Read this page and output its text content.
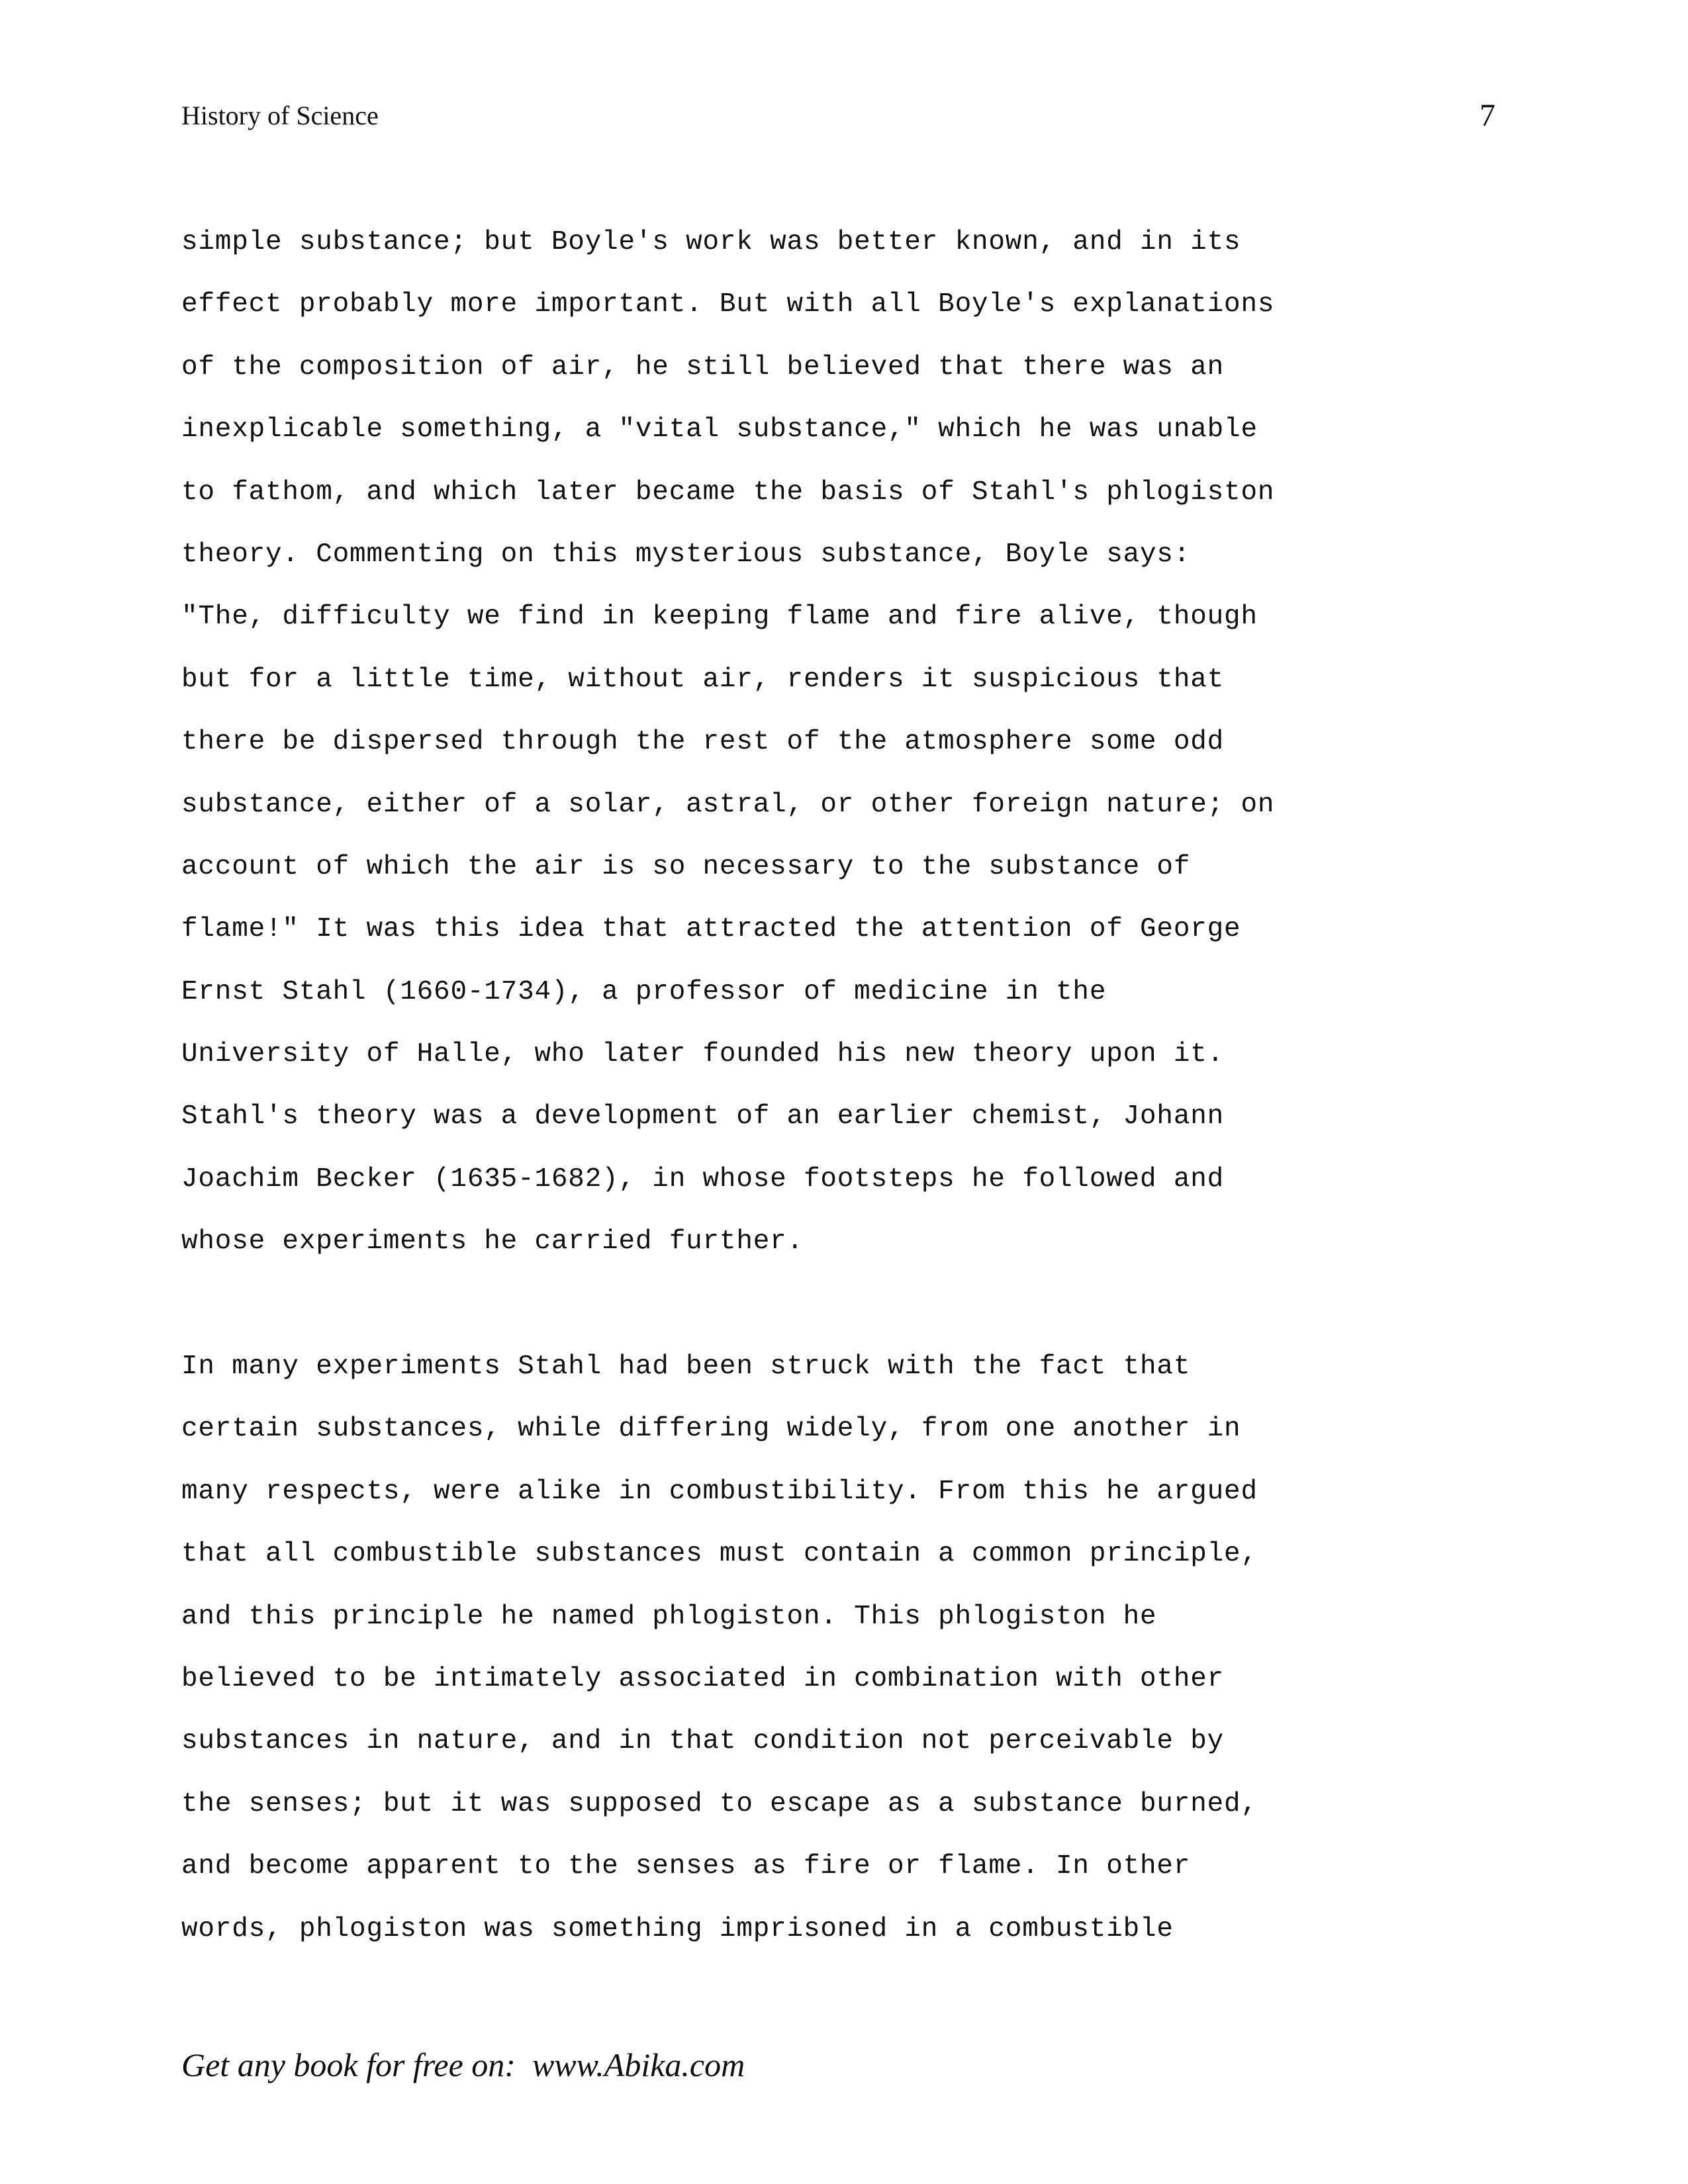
History of Science	7
simple substance; but Boyle's work was better known, and in its
effect probably more important. But with all Boyle's explanations
of the composition of air, he still believed that there was an
inexplicable something, a "vital substance," which he was unable
to fathom, and which later became the basis of Stahl's phlogiston
theory. Commenting on this mysterious substance, Boyle says:
"The, difficulty we find in keeping flame and fire alive, though
but for a little time, without air, renders it suspicious that
there be dispersed through the rest of the atmosphere some odd
substance, either of a solar, astral, or other foreign nature; on
account of which the air is so necessary to the substance of
flame!" It was this idea that attracted the attention of George
Ernst Stahl (1660-1734), a professor of medicine in the
University of Halle, who later founded his new theory upon it.
Stahl's theory was a development of an earlier chemist, Johann
Joachim Becker (1635-1682), in whose footsteps he followed and
whose experiments he carried further.
In many experiments Stahl had been struck with the fact that
certain substances, while differing widely, from one another in
many respects, were alike in combustibility. From this he argued
that all combustible substances must contain a common principle,
and this principle he named phlogiston. This phlogiston he
believed to be intimately associated in combination with other
substances in nature, and in that condition not perceivable by
the senses; but it was supposed to escape as a substance burned,
and become apparent to the senses as fire or flame. In other
words, phlogiston was something imprisoned in a combustible
Get any book for free on:  www.Abika.com
